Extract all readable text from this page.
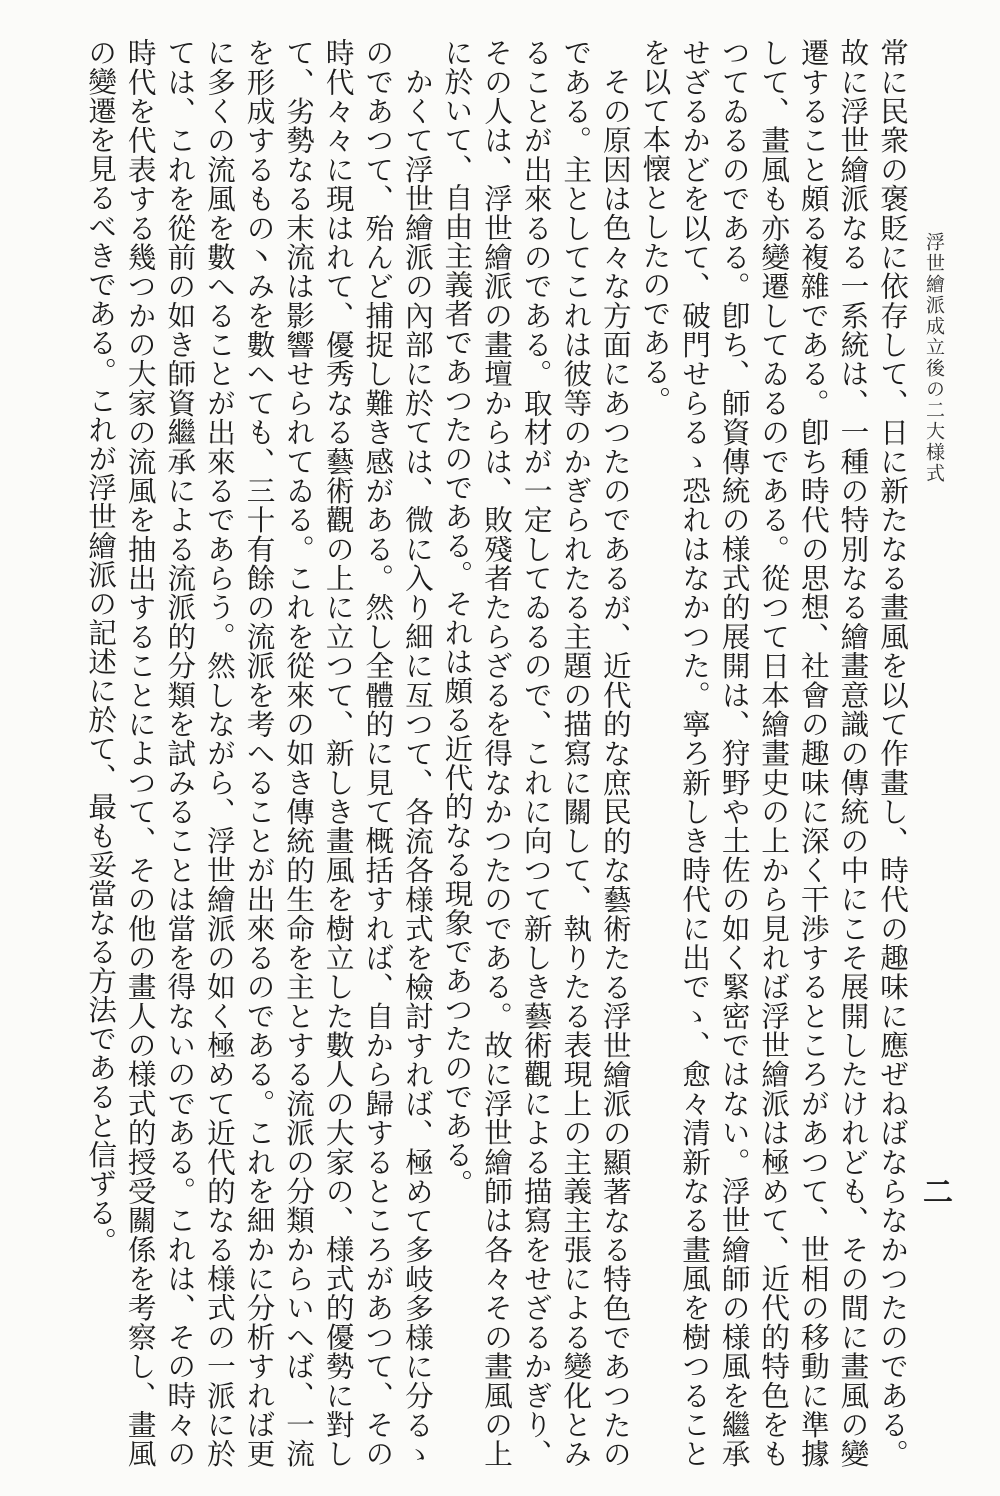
浮世繪派成立後の二大様式
二

常に民衆の褒貶に依存して、日に新たなる畫風を以て作畫し、時代の趣味に應ぜねばならなかつたのである。故に浮世繪派なる一系統は、一種の特別なる繪畫意識の傳統の中にこそ展開したけれども、その間に畫風の變遷すること頗る複雜である。卽ち時代の思想、社會の趣味に深く干渉するところがあつて、世相の移動に準據して、畫風も亦變遷してゐるのである。從つて日本繪畫史の上から見れば浮世繪派は極めて、近代的特色をもつてゐるのである。卽ち、師資傳統の様式的展開は、狩野や土佐の如く緊密ではない。浮世繪師の様風を繼承せざるかどを以て、破門せらるゝ恐れはなかつた。寧ろ新しき時代に出でゝ、愈々清新なる畫風を樹つることを以て本懐としたのである。

その原因は色々な方面にあつたのであるが、近代的な庶民的な藝術たる浮世繪派の顯著なる特色であつたのである。主としてこれは彼等のかぎられたる主題の描寫に關して、執りたる表現上の主義主張による變化とみることが出來るのである。取材が一定してゐるので、これに向つて新しき藝術觀による描寫をせざるかぎり、その人は、浮世繪派の畫壇からは、敗殘者たらざるを得なかつたのである。故に浮世繪師は各々その畫風の上に於いて、自由主義者であつたのである。それは頗る近代的なる現象であつたのである。

かくて浮世繪派の內部に於ては、微に入り細に亙つて、各流各様式を檢討すれば、極めて多岐多様に分るゝのであつて、殆んど捕捉し難き感がある。然し全體的に見て概括すれば、自から歸するところがあつて、その時代々々に現はれて、優秀なる藝術觀の上に立つて、新しき畫風を樹立した數人の大家の、様式的優勢に對して、劣勢なる末流は影響せられてゐる。これを從來の如き傳統的生命を主とする流派の分類からいへば、一流を形成するもの丶みを數へても、三十有餘の流派を考へることが出來るのである。これを細かに分析すれば更に多くの流風を數へることが出來るであらう。然しながら、浮世繪派の如く極めて近代的なる様式の一派に於ては、これを從前の如き師資繼承による流派的分類を試みることは當を得ないのである。これは、その時々の時代を代表する幾つかの大家の流風を抽出することによつて、その他の畫人の様式的授受關係を考察し、畫風の變遷を見るべきである。これが浮世繪派の記述に於て、最も妥當なる方法であると信ずる。
